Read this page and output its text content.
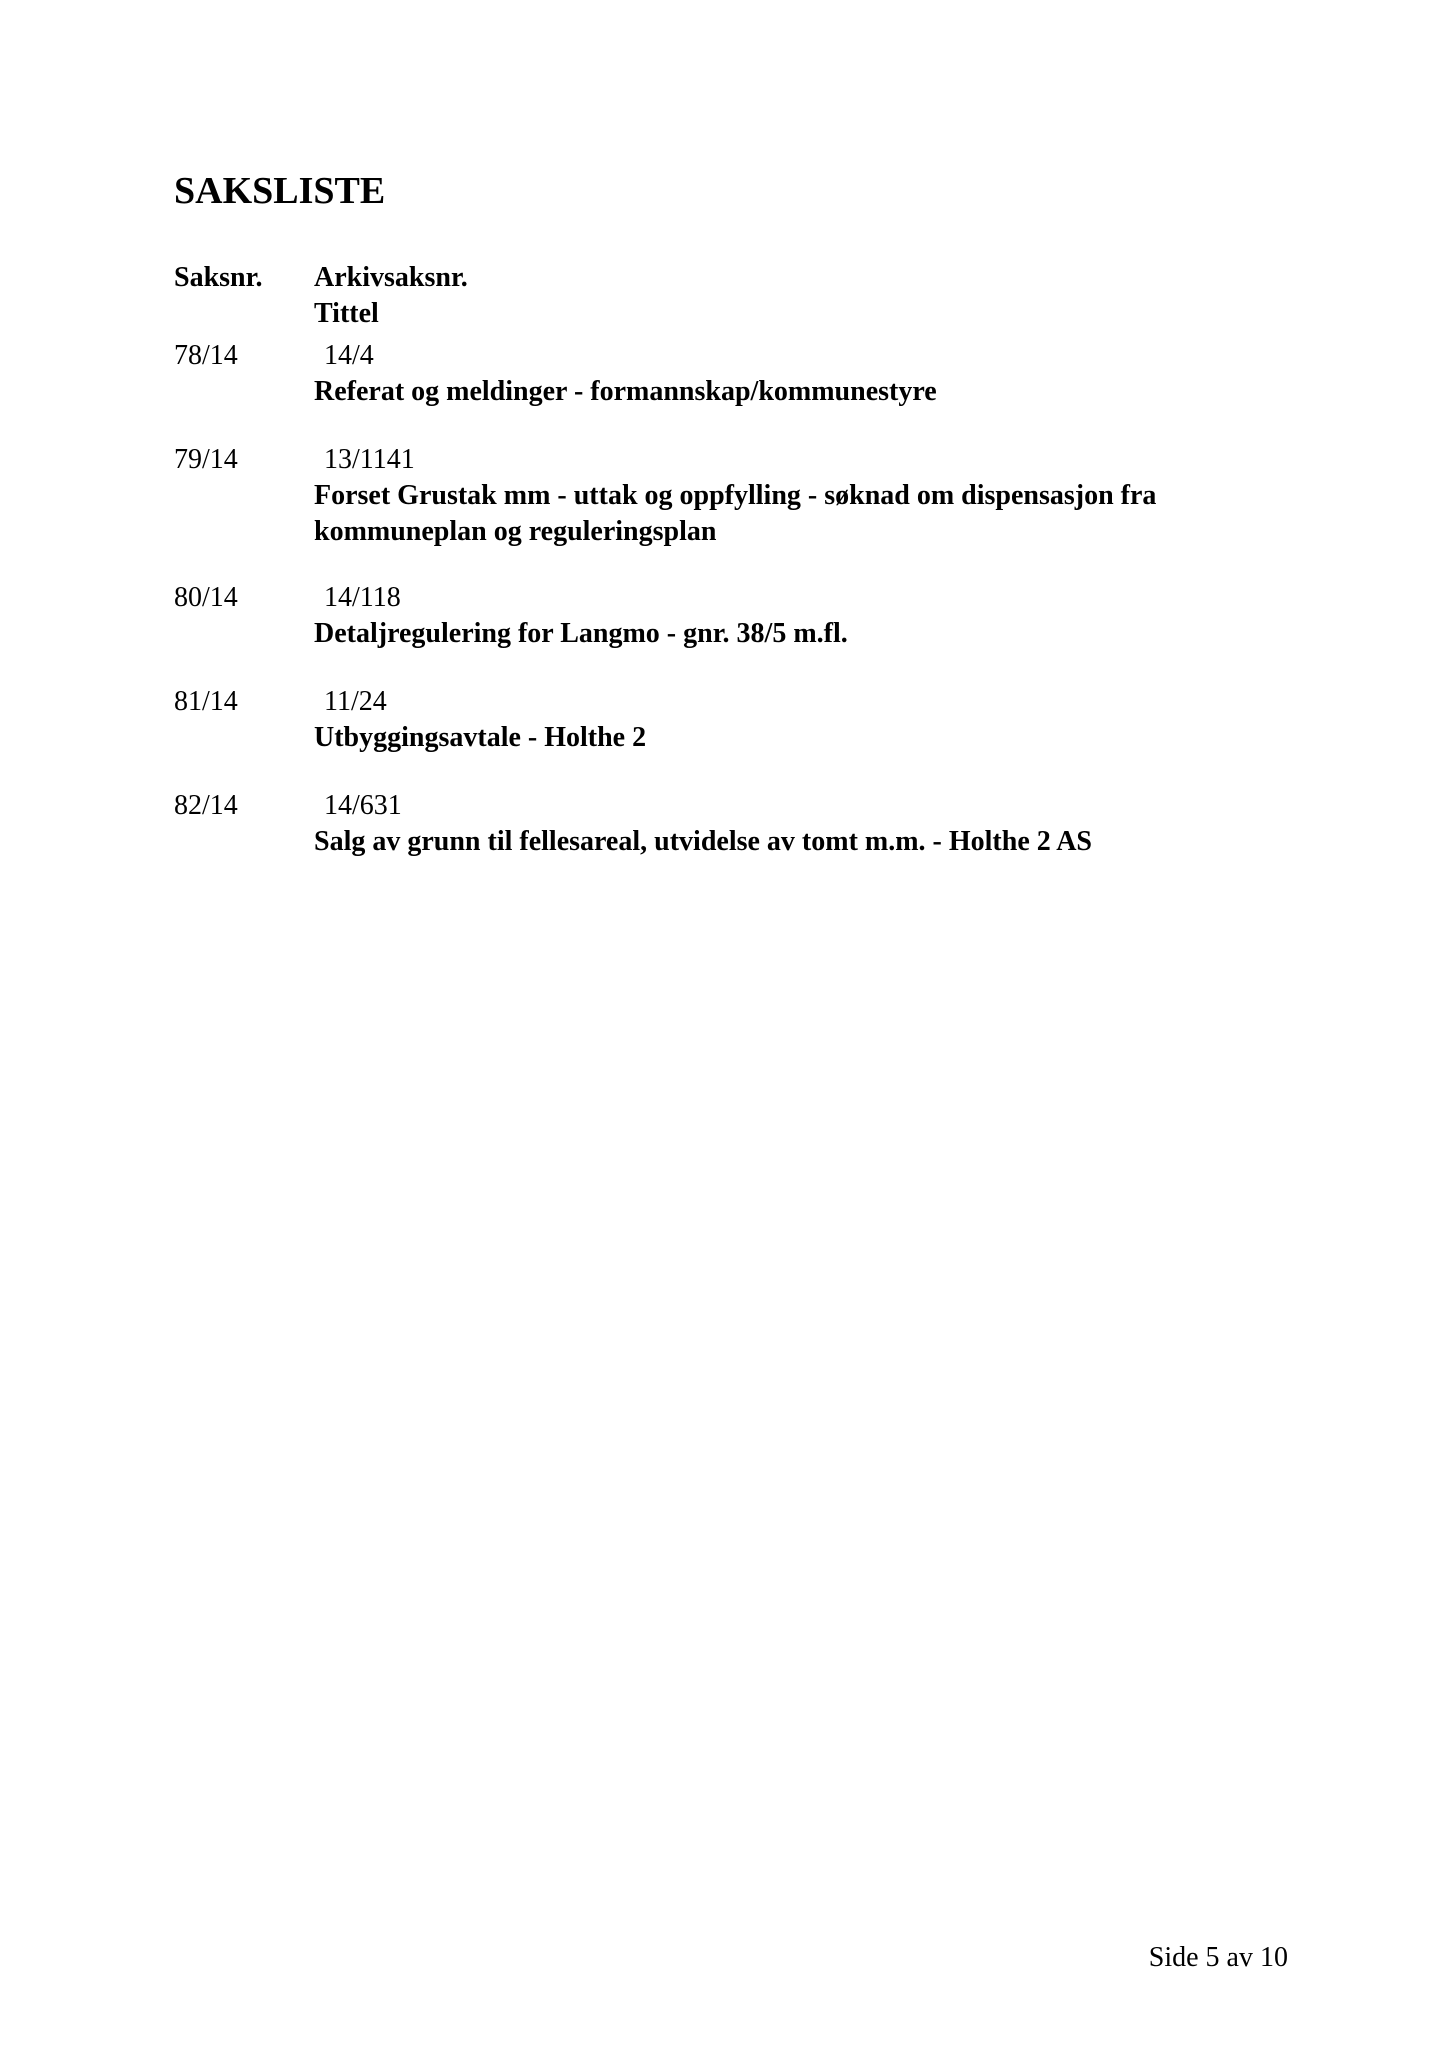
SAKSLISTE
Saksnr. Arkivsaksnr.
Tittel
78/14	14/4
Referat og meldinger - formannskap/kommunestyre
79/14	13/1141
Forset Grustak mm - uttak og oppfylling - søknad om dispensasjon fra kommuneplan og reguleringsplan
80/14	14/118
Detaljregulering for Langmo - gnr. 38/5 m.fl.
81/14	11/24
Utbyggingsavtale - Holthe 2
82/14	14/631
Salg av grunn til fellesareal, utvidelse av tomt m.m. - Holthe 2 AS
Side 5 av 10
